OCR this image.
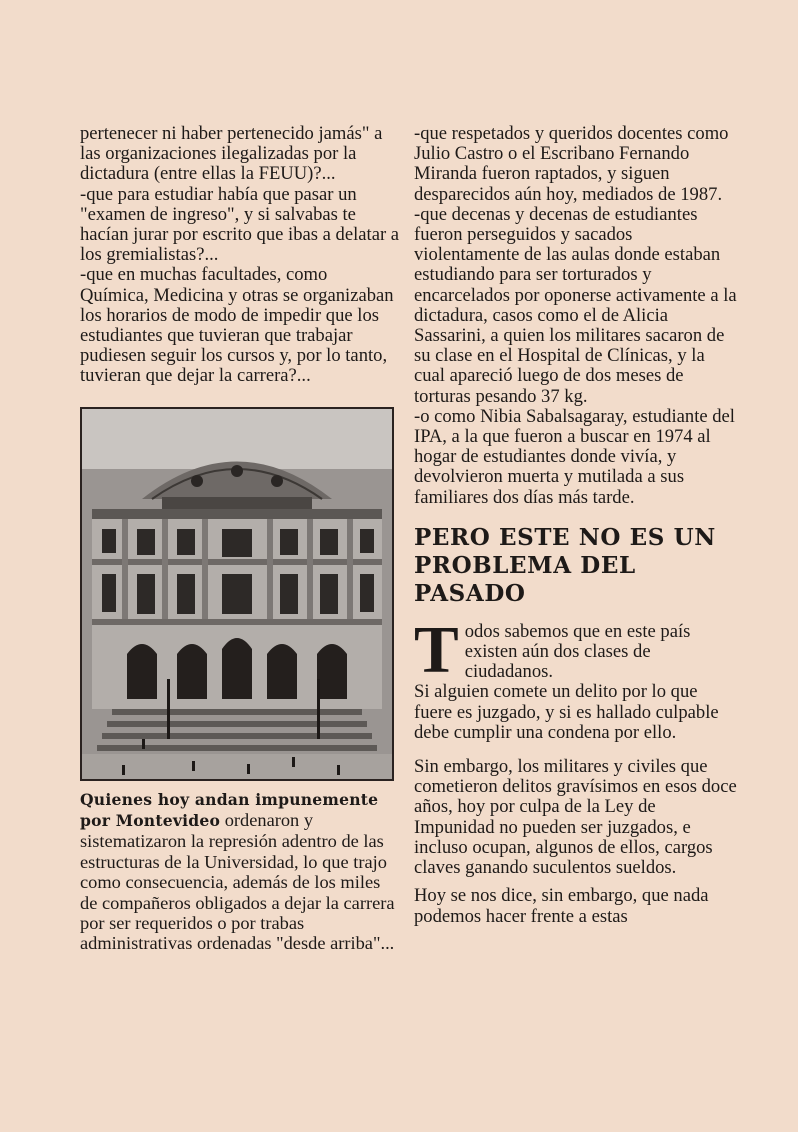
pertenecer ni haber pertenecido jamás" a las organizaciones ilegalizadas por la dictadura (entre ellas la FEUU)?...

-que para estudiar había que pasar un "examen de ingreso", y si salvabas te hacían jurar por escrito que ibas a delatar a los gremialistas?...

-que en muchas facultades, como Química, Medicina y otras se organizaban los horarios de modo de impedir que los estudiantes que tuvieran que trabajar pudiesen seguir los cursos y, por lo tanto, tuvieran que dejar la carrera?...

Quienes hoy andan impunemente por Montevideo ordenaron y sistematizaron la represión adentro de las estructuras de la Universidad, lo que trajo como consecuencia, además de los miles de compañeros obligados a dejar la carrera por ser requeridos o por trabas administrativas ordenadas "desde arriba"...

-que respetados y queridos docentes como Julio Castro o el Escribano Fernando Miranda fueron raptados, y siguen desparecidos aún hoy, mediados de 1987.

-que decenas y decenas de estudiantes fueron perseguidos y sacados violentamente de las aulas donde estaban estudiando para ser torturados y encarcelados por oponerse activamente a la dictadura, casos como el de Alicia Sassarini, a quien los militares sacaron de su clase en el Hospital de Clínicas, y la cual apareció luego de dos meses de torturas pesando 37 kg.

-o como Nibia Sabalsagaray, estudiante del IPA, a la que fueron a buscar en 1974 al hogar de estudiantes donde vivía, y devolvieron muerta y mutilada a sus familiares dos días más tarde.

PERO ESTE NO ES UN PROBLEMA DEL PASADO

Todos sabemos que en este país existen aún dos clases de ciudadanos.

Si alguien comete un delito por lo que fuere es juzgado, y si es hallado culpable debe cumplir una condena por ello.

Sin embargo, los militares y civiles que cometieron delitos gravísimos en esos doce años, hoy por culpa de la Ley de Impunidad no pueden ser juzgados, e incluso ocupan, algunos de ellos, cargos claves ganando suculentos sueldos.

Hoy se nos dice, sin embargo, que nada podemos hacer frente a estas
